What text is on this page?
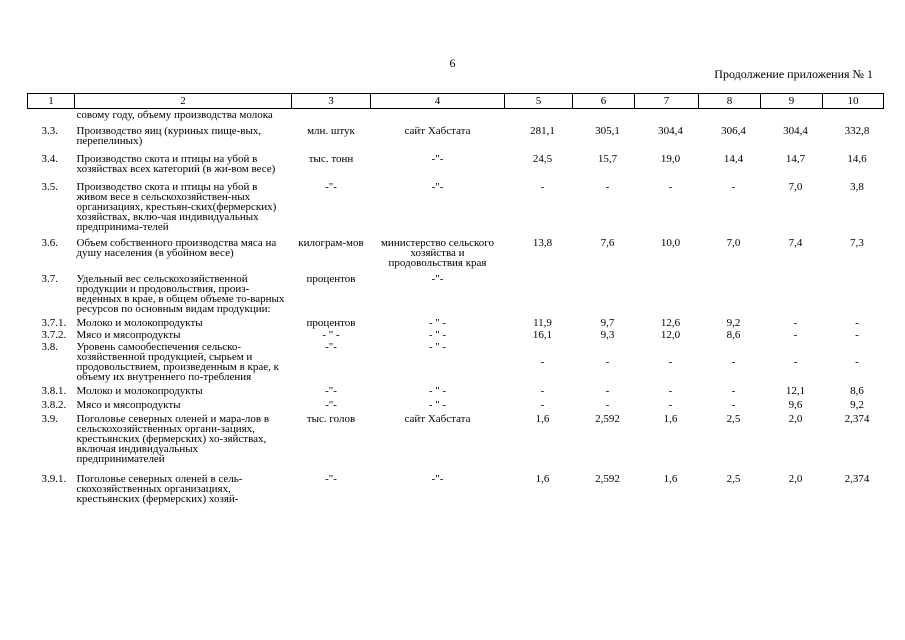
6
Продолжение приложения № 1
1	2	3	4	5	6	7	8	9	10
	совому году, объему производства молока								
3.3.	Производство яиц (куриных пище-вых, перепелиных)	млн. штук	сайт Хабстата	281,1	305,1	304,4	306,4	304,4	332,8
3.4.	Производство скота и птицы на убой в хозяйствах всех категорий (в жи-вом весе)	тыс. тонн	-"-	24,5	15,7	19,0	14,4	14,7	14,6
3.5.	Производство скота и птицы на убой в живом весе в сельскохозяйствен-ных организациях, крестьян-ских(фермерских) хозяйствах, вклю-чая индивидуальных предпринима-телей	-"-	-"-	-	-	-	-	7,0	3,8
3.6.	Объем собственного производства мяса на душу населения (в убойном весе)	килограм-мов	министерство сельского хозяйства и продовольствия края	13,8	7,6	10,0	7,0	7,4	7,3
3.7.	Удельный вес сельскохозяйственной продукции и продовольствия, произ-веденных в крае, в общем объеме то-варных ресурсов по основным видам продукции:	процентов	-"-						
3.7.1.	Молоко и молокопродукты	процентов	- " -	11,9	9,7	12,6	9,2	-	-
3.7.2.	Мясо и мясопродукты	- " -	- " -	16,1	9,3	12,0	8,6	-	-
3.8.	Уровень самообеспечения сельско-хозяйственной продукцией, сырьем и продовольствием, произведенным в крае, к объему их внутреннего по-требления	-"-	- " -	-	-	-	-	-	-
3.8.1.	Молоко и молокопродукты	-"-	- " -	-	-	-	-	12,1	8,6
3.8.2.	Мясо и мясопродукты	-"-	- " -	-	-	-	-	9,6	9,2
3.9.	Поголовье северных оленей и мара-лов в сельскохозяйственных органи-зациях, крестьянских (фермерских) хо-зяйствах, включая индивидуальных предпринимателей	тыс. голов	сайт Хабстата	1,6	2,592	1,6	2,5	2,0	2,374
3.9.1.	Поголовье северных оленей в сель-скохозяйственных организациях, крестьянских (фермерских) хозяй-	-"-	-"-	1,6	2,592	1,6	2,5	2,0	2,374
